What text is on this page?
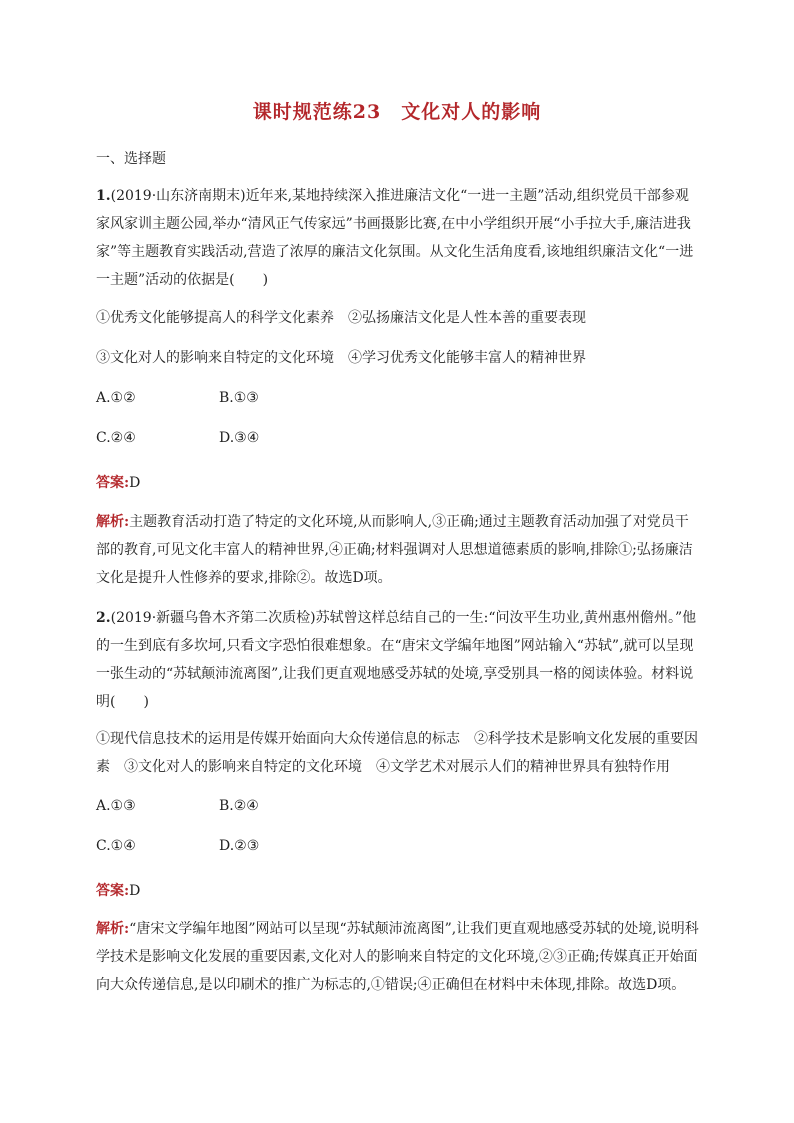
课时规范练23　文化对人的影响
一、选择题
1.(2019·山东济南期末)近年来,某地持续深入推进廉洁文化“一进一主题”活动,组织党员干部参观家风家训主题公园,举办“清风正气传家远”书画摄影比赛,在中小学组织开展“小手拉大手,廉洁进我家”等主题教育实践活动,营造了浓厚的廉洁文化氛围。从文化生活角度看,该地组织廉洁文化“一进一主题”活动的依据是(　　)
①优秀文化能够提高人的科学文化素养　②弘扬廉洁文化是人性本善的重要表现
③文化对人的影响来自特定的文化环境　④学习优秀文化能够丰富人的精神世界
A.①②	B.①③
C.②④	D.③④
答案:D
解析:主题教育活动打造了特定的文化环境,从而影响人,③正确;通过主题教育活动加强了对党员干部的教育,可见文化丰富人的精神世界,④正确;材料强调对人思想道德素质的影响,排除①;弘扬廉洁文化是提升人性修养的要求,排除②。故选D项。
2.(2019·新疆乌鲁木齐第二次质检)苏轼曾这样总结自己的一生:“问汝平生功业,黄州惠州儋州。”他的一生到底有多坎坷,只看文字恐怕很难想象。在“唐宋文学编年地图”网站输入“苏轼”,就可以呈现一张生动的“苏轼颠沛流离图”,让我们更直观地感受苏轼的处境,享受别具一格的阅读体验。材料说明(　　)
①现代信息技术的运用是传媒开始面向大众传递信息的标志　②科学技术是影响文化发展的重要因素　③文化对人的影响来自特定的文化环境　④文学艺术对展示人们的精神世界具有独特作用
A.①③	B.②④
C.①④	D.②③
答案:D
解析:“唐宋文学编年地图”网站可以呈现“苏轼颠沛流离图”,让我们更直观地感受苏轼的处境,说明科学技术是影响文化发展的重要因素,文化对人的影响来自特定的文化环境,②③正确;传媒真正开始面向大众传递信息,是以印刷术的推广为标志的,①错误;④正确但在材料中未体现,排除。故选D项。
